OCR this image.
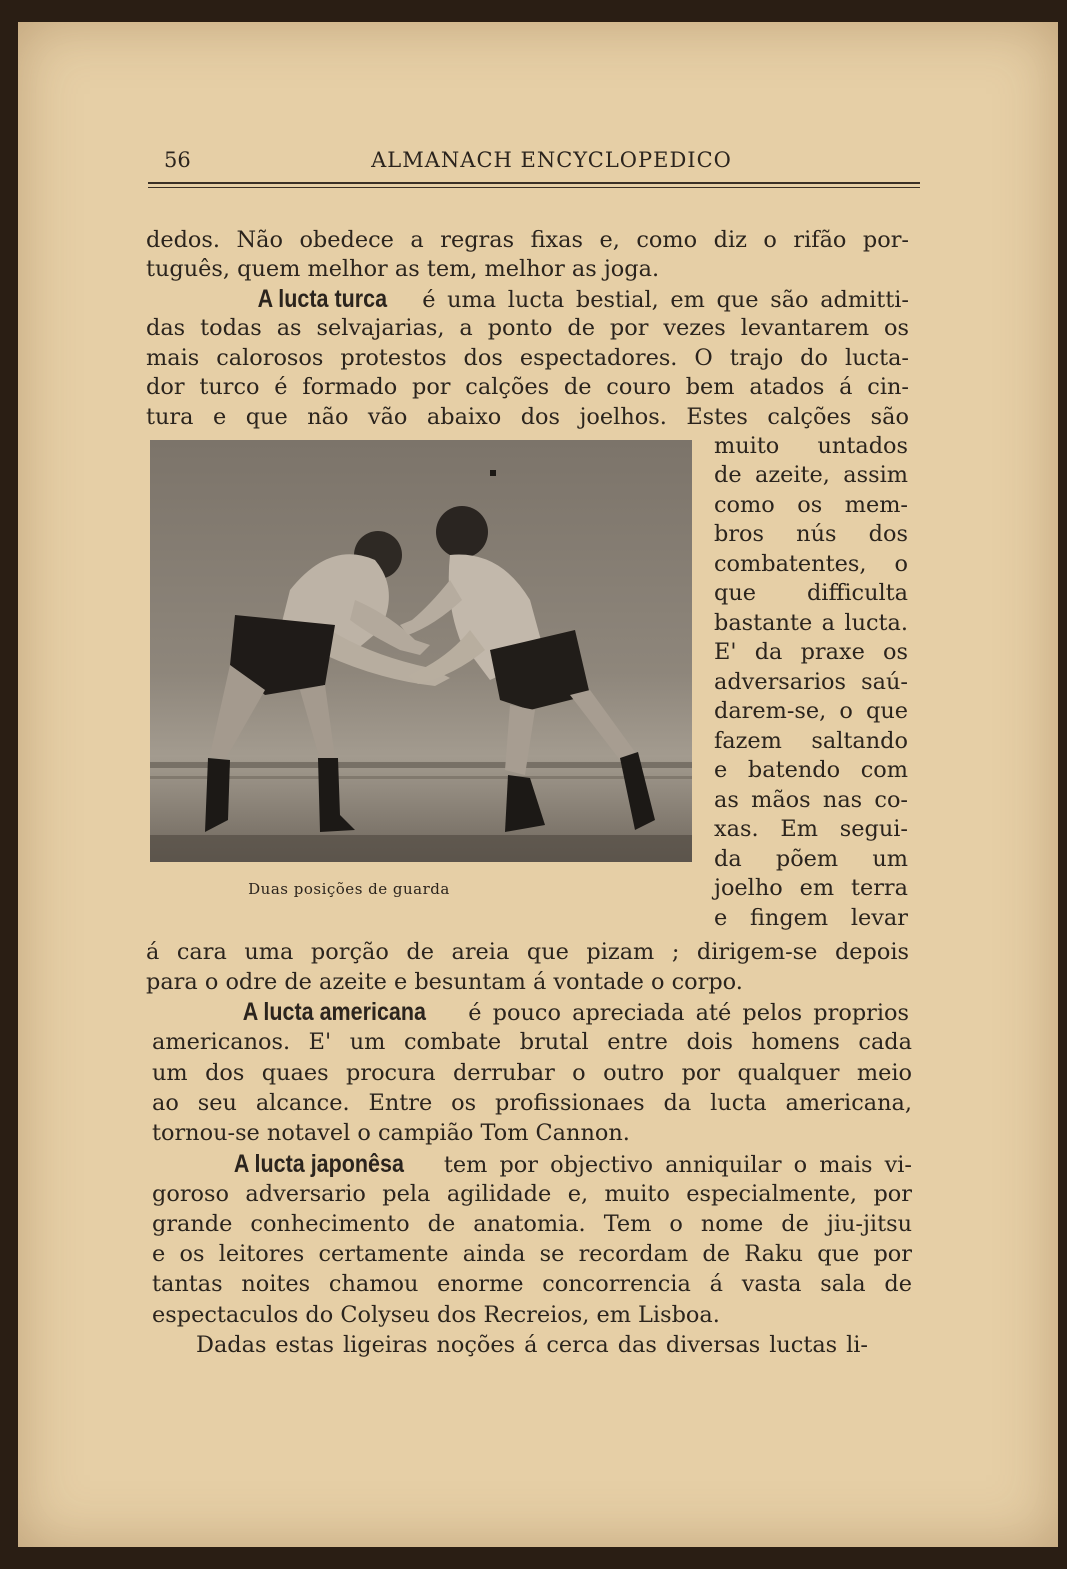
56	ALMANACH ENCYCLOPEDICO
dedos. Não obedece a regras fixas e, como diz o rifão por-
tuguês, quem melhor as tem, melhor as joga.
A lucta turca é uma lucta bestial, em que são admitti-
das todas as selvajarias, a ponto de por vezes levantarem os
mais calorosos protestos dos espectadores. O trajo do lucta-
dor turco é formado por calções de couro bem atados á cin-
tura e que não vão abaixo dos joelhos. Estes calções são
muito untados
de azeite, assim
como os mem-
bros nús dos
combatentes, o
que difficulta
bastante a lucta.
E' da praxe os
adversarios saú-
darem-se, o que
fazem saltando
e batendo com
as mãos nas co-
xas. Em segui-
da põem um
joelho em terra
e fingem levar
Duas posições de guarda
á cara uma porção de areia que pizam ; dirigem-se depois
para o odre de azeite e besuntam á vontade o corpo.
A lucta americana é pouco apreciada até pelos proprios
americanos. E' um combate brutal entre dois homens cada
um dos quaes procura derrubar o outro por qualquer meio
ao seu alcance. Entre os profissionaes da lucta americana,
tornou-se notavel o campião Tom Cannon.
A lucta japonêsa tem por objectivo anniquilar o mais vi-
goroso adversario pela agilidade e, muito especialmente, por
grande conhecimento de anatomia. Tem o nome de jiu-jitsu
e os leitores certamente ainda se recordam de Raku que por
tantas noites chamou enorme concorrencia á vasta sala de
espectaculos do Colyseu dos Recreios, em Lisboa.
Dadas estas ligeiras noções á cerca das diversas luctas li-
